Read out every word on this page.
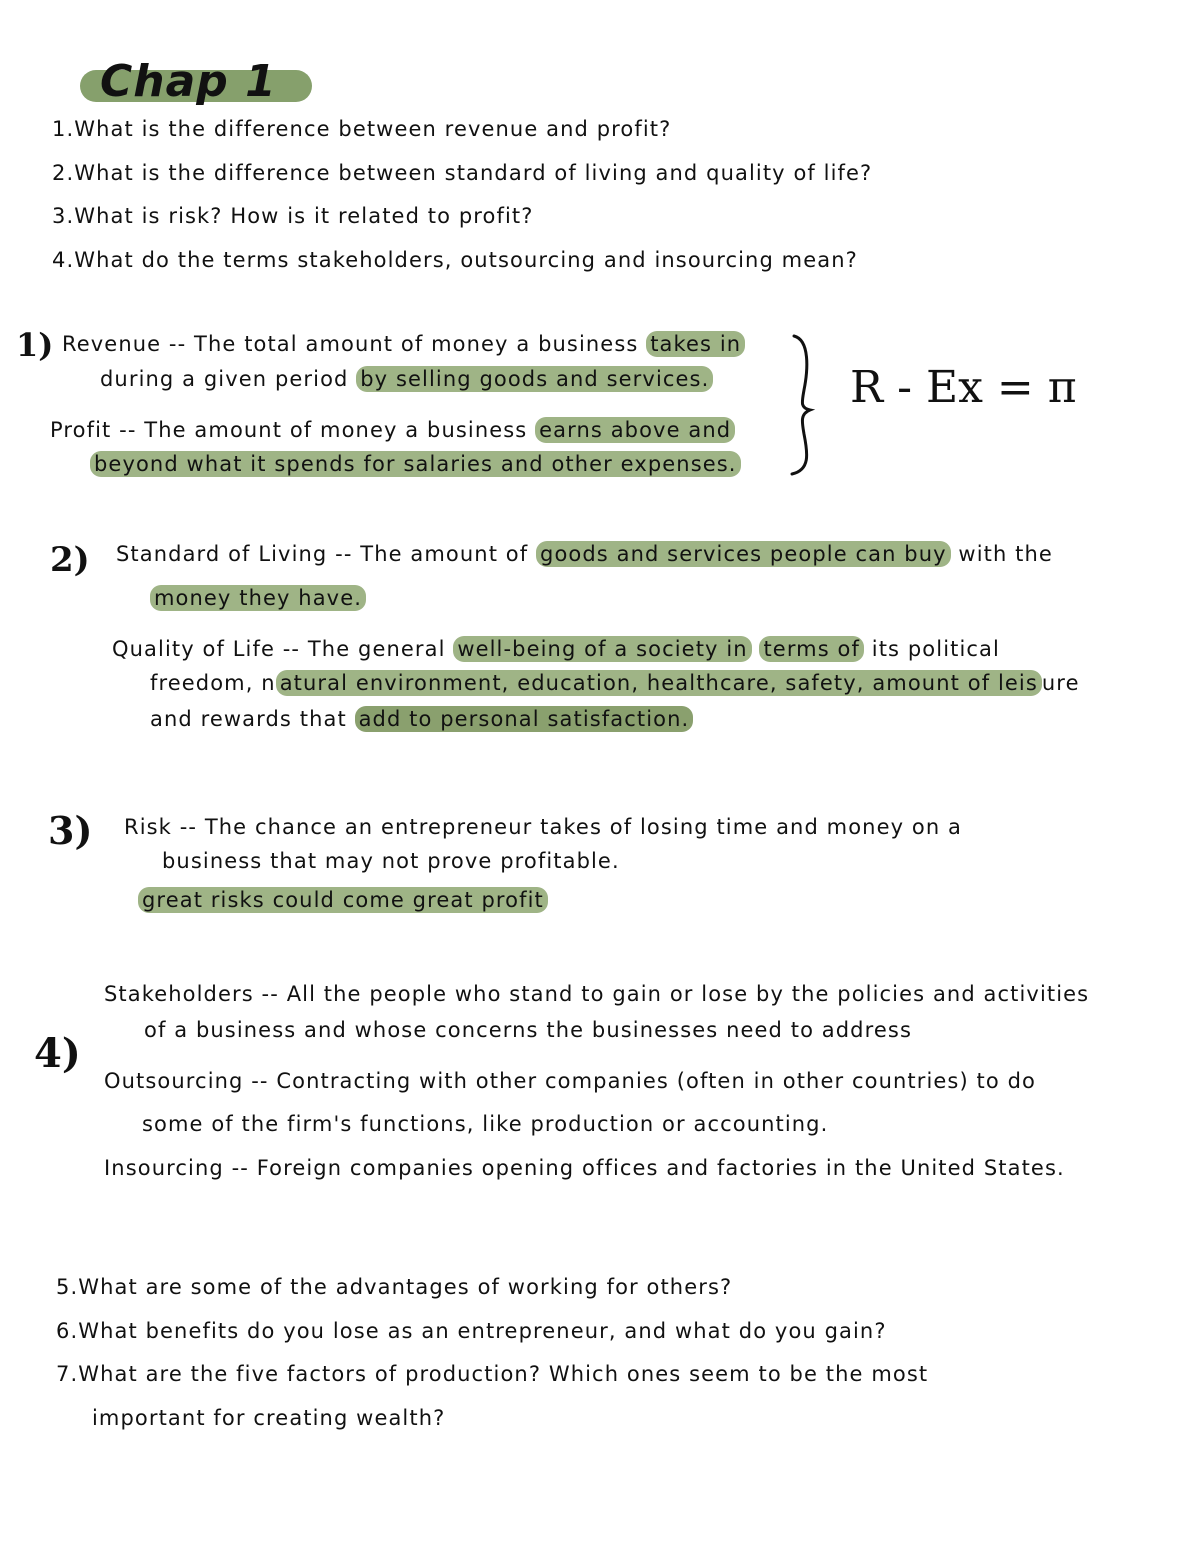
Chap 1
1.What is the difference between revenue and profit?
2.What is the difference between standard of living and quality of life?
3.What is risk? How is it related to profit?
4.What do the terms stakeholders, outsourcing and insourcing mean?
1) Revenue -- The total amount of money a business takes in
during a given period by selling goods and services.
Profit -- The amount of money a business earns above and
beyond what it spends for salaries and other expenses.
R - Ex = π
2) Standard of Living -- The amount of goods and services people can buy with the
money they have.
Quality of Life -- The general well-being of a society in terms of its political
freedom, n atural environment, education, healthcare, safety, amount of leis ure
and rewards that add to personal satisfaction.
3) Risk -- The chance an entrepreneur takes of losing time and money on a
business that may not prove profitable.
great risks could come great profit
4)
Stakeholders -- All the people who stand to gain or lose by the policies and activities
of a business and whose concerns the businesses need to address
Outsourcing -- Contracting with other companies (often in other countries) to do
some of the firm's functions, like production or accounting.
Insourcing -- Foreign companies opening offices and factories in the United States.
5.What are some of the advantages of working for others?
6.What benefits do you lose as an entrepreneur, and what do you gain?
7.What are the five factors of production? Which ones seem to be the most
important for creating wealth?
